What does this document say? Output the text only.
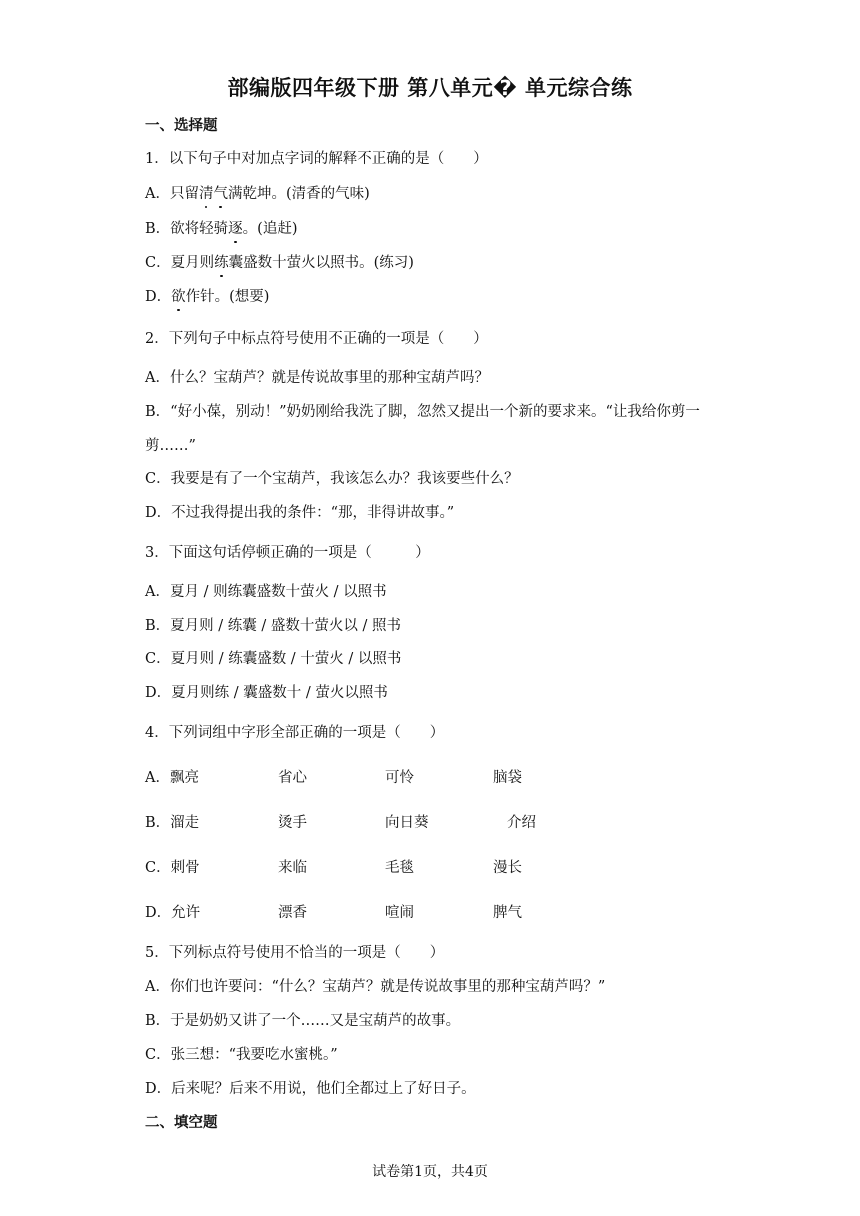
部编版四年级下册 第八单元� 单元综合练
一、选择题
1．以下句子中对加点字词的解释不正确的是（　　）
A．只留清气满乾坤。(清香的气味)
B．欲将轻骑逐。(追赶)
C．夏月则练囊盛数十萤火以照书。(练习)
D．欲作针。(想要)
2．下列句子中标点符号使用不正确的一项是（　　）
A．什么？宝葫芦？就是传说故事里的那种宝葫芦吗？
B．“好小葆，别动！”奶奶刚给我洗了脚，忽然又提出一个新的要求来。“让我给你剪一
剪……”
C．我要是有了一个宝葫芦，我该怎么办？我该要些什么？
D．不过我得提出我的条件：“那，非得讲故事。”
3．下面这句话停顿正确的一项是（　　　）
A．夏月 / 则练囊盛数十萤火 / 以照书
B．夏月则 / 练囊 / 盛数十萤火以 / 照书
C．夏月则 / 练囊盛数 / 十萤火 / 以照书
D．夏月则练 / 囊盛数十 / 萤火以照书
4．下列词组中字形全部正确的一项是（　　）
A．飘亮	省心	可怜	脑袋
B．溜走	烫手	向日葵	介绍
C．刺骨	来临	毛毯	漫长
D．允许	漂香	喧闹	脾气
5．下列标点符号使用不恰当的一项是（　　）
A．你们也许要问：“什么？宝葫芦？就是传说故事里的那种宝葫芦吗？”
B．于是奶奶又讲了一个……又是宝葫芦的故事。
C．张三想：“我要吃水蜜桃。”
D．后来呢？后来不用说，他们全都过上了好日子。
二、填空题
试卷第1页，共4页
